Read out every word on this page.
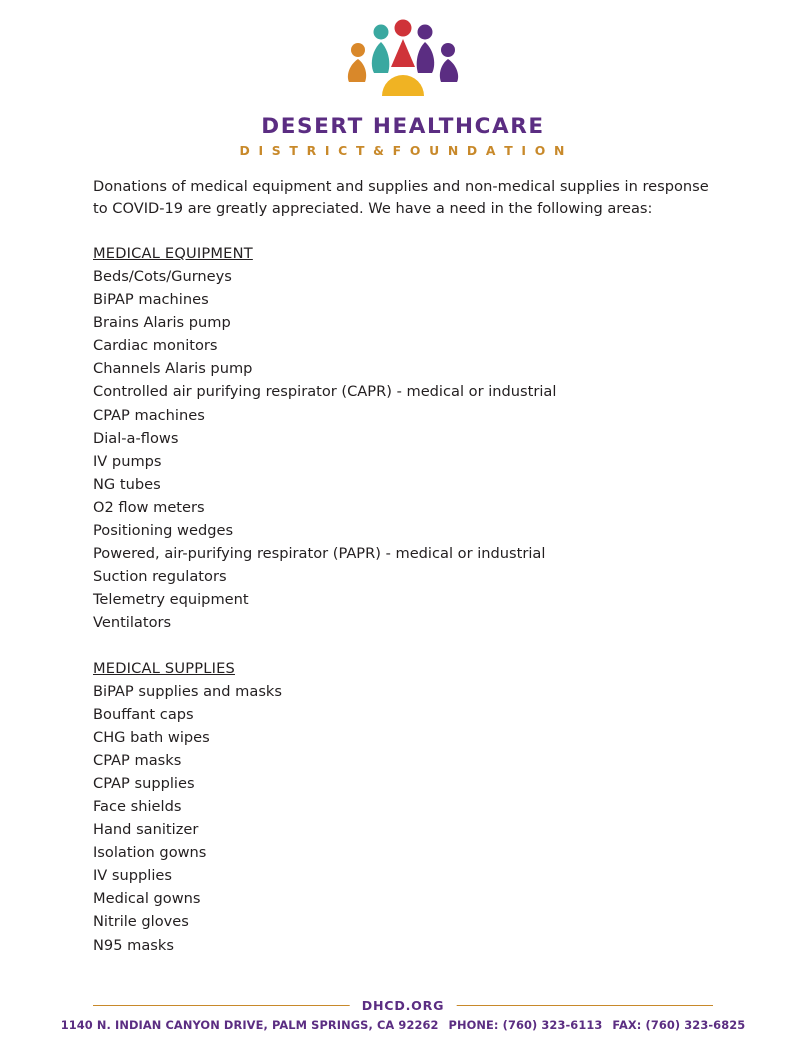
DESERT HEALTHCARE
D I S T R I C T & F O U N D A T I O N

Donations of medical equipment and supplies and non-medical supplies in response to COVID-19 are greatly appreciated. We have a need in the following areas:

MEDICAL EQUIPMENT
Beds/Cots/Gurneys
BiPAP machines
Brains Alaris pump
Cardiac monitors
Channels Alaris pump
Controlled air purifying respirator (CAPR) - medical or industrial
CPAP machines
Dial-a-flows
IV pumps
NG tubes
O2 flow meters
Positioning wedges
Powered, air-purifying respirator (PAPR) - medical or industrial
Suction regulators
Telemetry equipment
Ventilators
MEDICAL SUPPLIES
BiPAP supplies and masks
Bouffant caps
CHG bath wipes
CPAP masks
CPAP supplies
Face shields
Hand sanitizer
Isolation gowns
IV supplies
Medical gowns
Nitrile gloves
N95 masks
DHCD.ORG
1140 N. INDIAN CANYON DRIVE, PALM SPRINGS, CA 92262 PHONE: (760) 323-6113 FAX: (760) 323-6825
